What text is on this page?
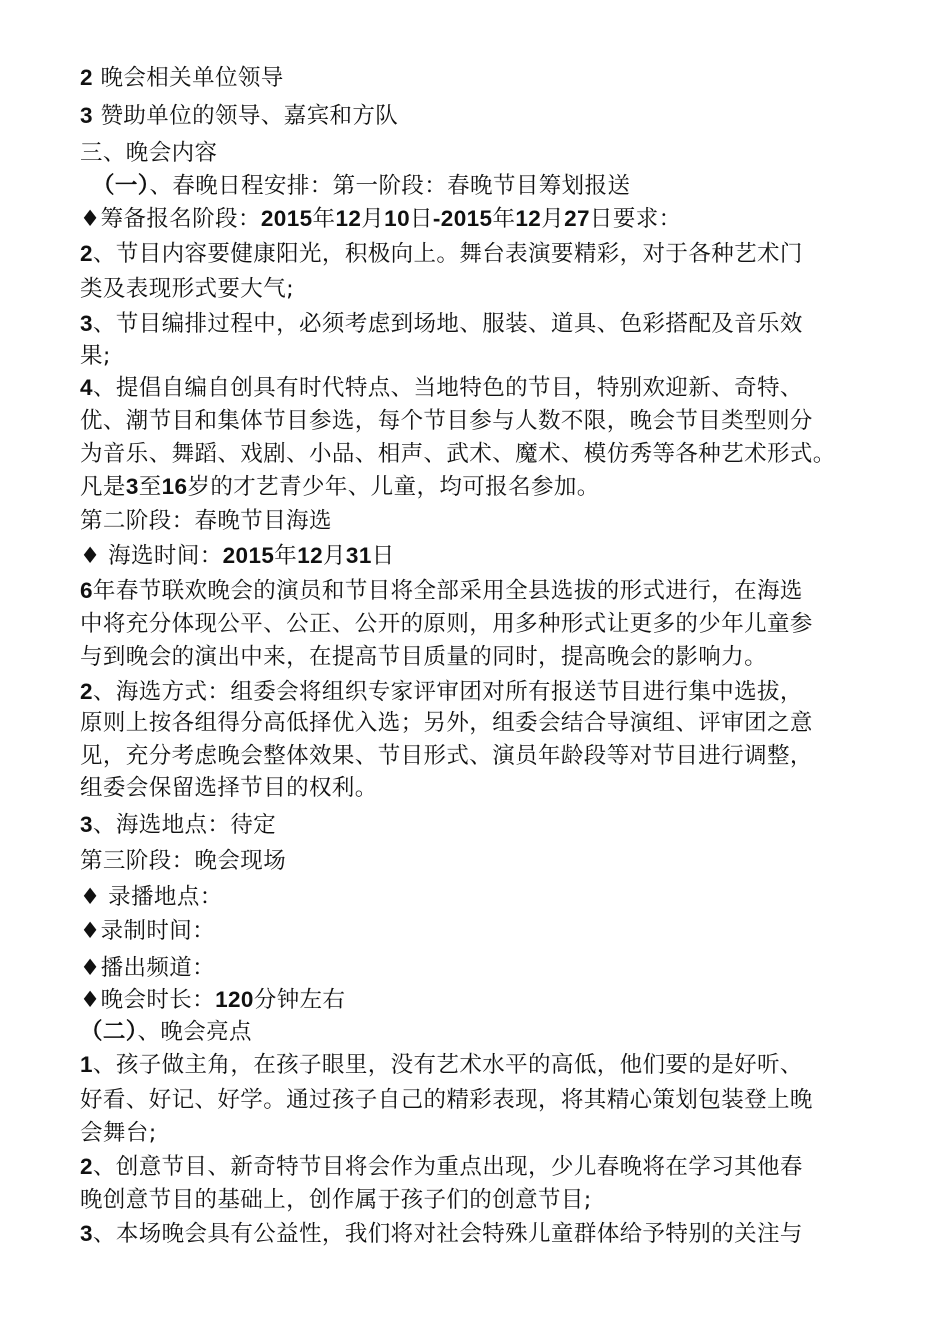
2 晚会相关单位领导

3 赞助单位的领导、嘉宾和方队

三、晚会内容

（一）、春晚日程安排：第一阶段：春晚节目筹划报送

♦筹备报名阶段：2015年12月10日-2015年12月27日要求：

2、节目内容要健康阳光，积极向上。舞台表演要精彩，对于各种艺术门

类及表现形式要大气;

3、节目编排过程中，必须考虑到场地、服装、道具、色彩搭配及音乐效

果;

4、提倡自编自创具有时代特点、当地特色的节目，特别欢迎新、奇特、

优、潮节目和集体节目参选，每个节目参与人数不限，晚会节目类型则分

为音乐、舞蹈、戏剧、小品、相声、武术、魔术、模仿秀等各种艺术形式。

凡是3至16岁的才艺青少年、儿童，均可报名参加。

第二阶段：春晚节目海选

♦ 海选时间：2015年12月31日

6年春节联欢晚会的演员和节目将全部采用全县选拔的形式进行，在海选

中将充分体现公平、公正、公开的原则，用多种形式让更多的少年儿童参

与到晚会的演出中来，在提高节目质量的同时，提高晚会的影响力。

2、海选方式：组委会将组织专家评审团对所有报送节目进行集中选拔，

原则上按各组得分高低择优入选；另外，组委会结合导演组、评审团之意

见，充分考虑晚会整体效果、节目形式、演员年龄段等对节目进行调整，

组委会保留选择节目的权利。

3、海选地点：待定

第三阶段：晚会现场

♦ 录播地点：

♦录制时间：

♦播出频道：

♦晚会时长：120分钟左右

（二）、晚会亮点

1、孩子做主角，在孩子眼里，没有艺术水平的高低，他们要的是好听、

好看、好记、好学。通过孩子自己的精彩表现，将其精心策划包装登上晚

会舞台;

2、创意节目、新奇特节目将会作为重点出现，少儿春晚将在学习其他春

晚创意节目的基础上，创作属于孩子们的创意节目;

3、本场晚会具有公益性，我们将对社会特殊儿童群体给予特别的关注与
